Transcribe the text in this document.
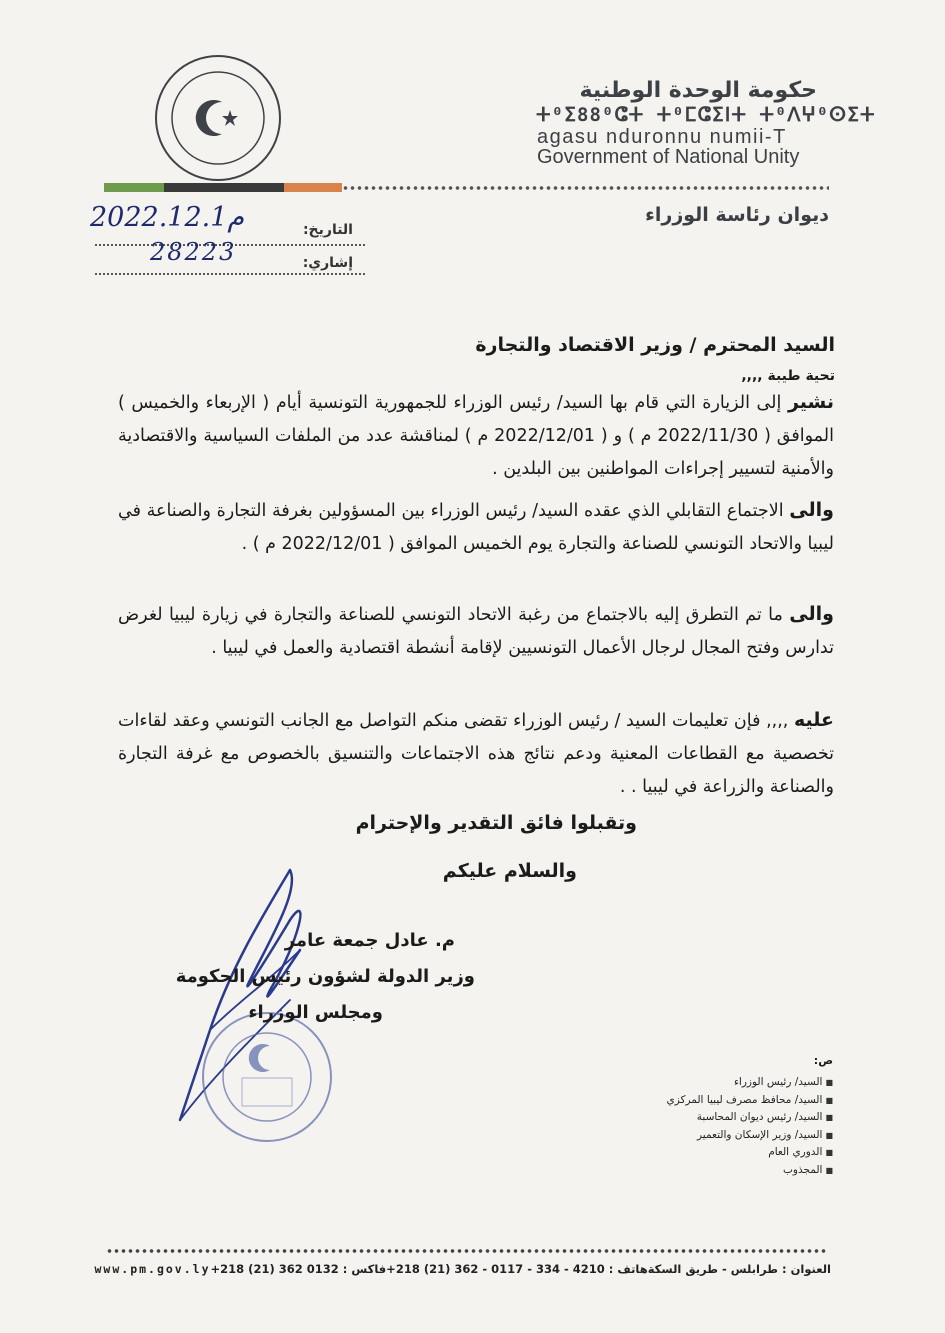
حكومة الوحدة الوطنية
ⵜ⁰ⵉ88⁰ⵛⵜ ⵜ⁰ⵎⵛⵉⵏⵜ ⵜ⁰ⴷⵖ⁰ⵙⵉⵜ
agasu nduronnu numii-T
Government of National Unity
ديوان رئاسة الوزراء
التاريخ:
إشاري:
2022.12.1م
28223
السيد المحترم / وزير الاقتصاد والتجارة
تحية طيبة ,,,,
نشير إلى الزيارة التي قام بها السيد/ رئيس الوزراء للجمهورية التونسية أيام ( الإربعاء والخميس ) الموافق ( 2022/11/30 م ) و ( 2022/12/01 م ) لمناقشة عدد من الملفات السياسية والاقتصادية والأمنية لتسيير إجراءات المواطنين بين البلدين .
والى الاجتماع التقابلي الذي عقده السيد/ رئيس الوزراء بين المسؤولين بغرفة التجارة والصناعة في ليبيا والاتحاد التونسي للصناعة والتجارة يوم الخميس الموافق ( 2022/12/01 م ) .
والى ما تم التطرق إليه بالاجتماع من رغبة الاتحاد التونسي للصناعة والتجارة في زيارة ليبيا لغرض تدارس وفتح المجال لرجال الأعمال التونسيين لإقامة أنشطة اقتصادية والعمل في ليبيا .
عليه ,,,, فإن تعليمات السيد / رئيس الوزراء تقضى منكم التواصل مع الجانب التونسي وعقد لقاءات تخصصية مع القطاعات المعنية ودعم نتائج هذه الاجتماعات والتنسيق بالخصوص مع غرفة التجارة والصناعة والزراعة في ليبيا . .
وتقبلوا فائق التقدير والإحترام
والسلام عليكم
م. عادل جمعة عامر
وزير الدولة لشؤون رئيس الحكومة
ومجلس الوزراء
ص:
■ السيد/ رئيس الوزراء
■ السيد/ محافظ مصرف ليبيا المركزي
■ السيد/ رئيس ديوان المحاسبة
■ السيد/ وزير الإسكان والتعمير
■ الدوري العام
■ المجذوب
العنوان : طرابلس - طريق السكة
هاتف : 4210 - 334 - 0117 - 362 (21) 218+
فاكس : 0132 362 (21) 218+
www.pm.gov.ly
